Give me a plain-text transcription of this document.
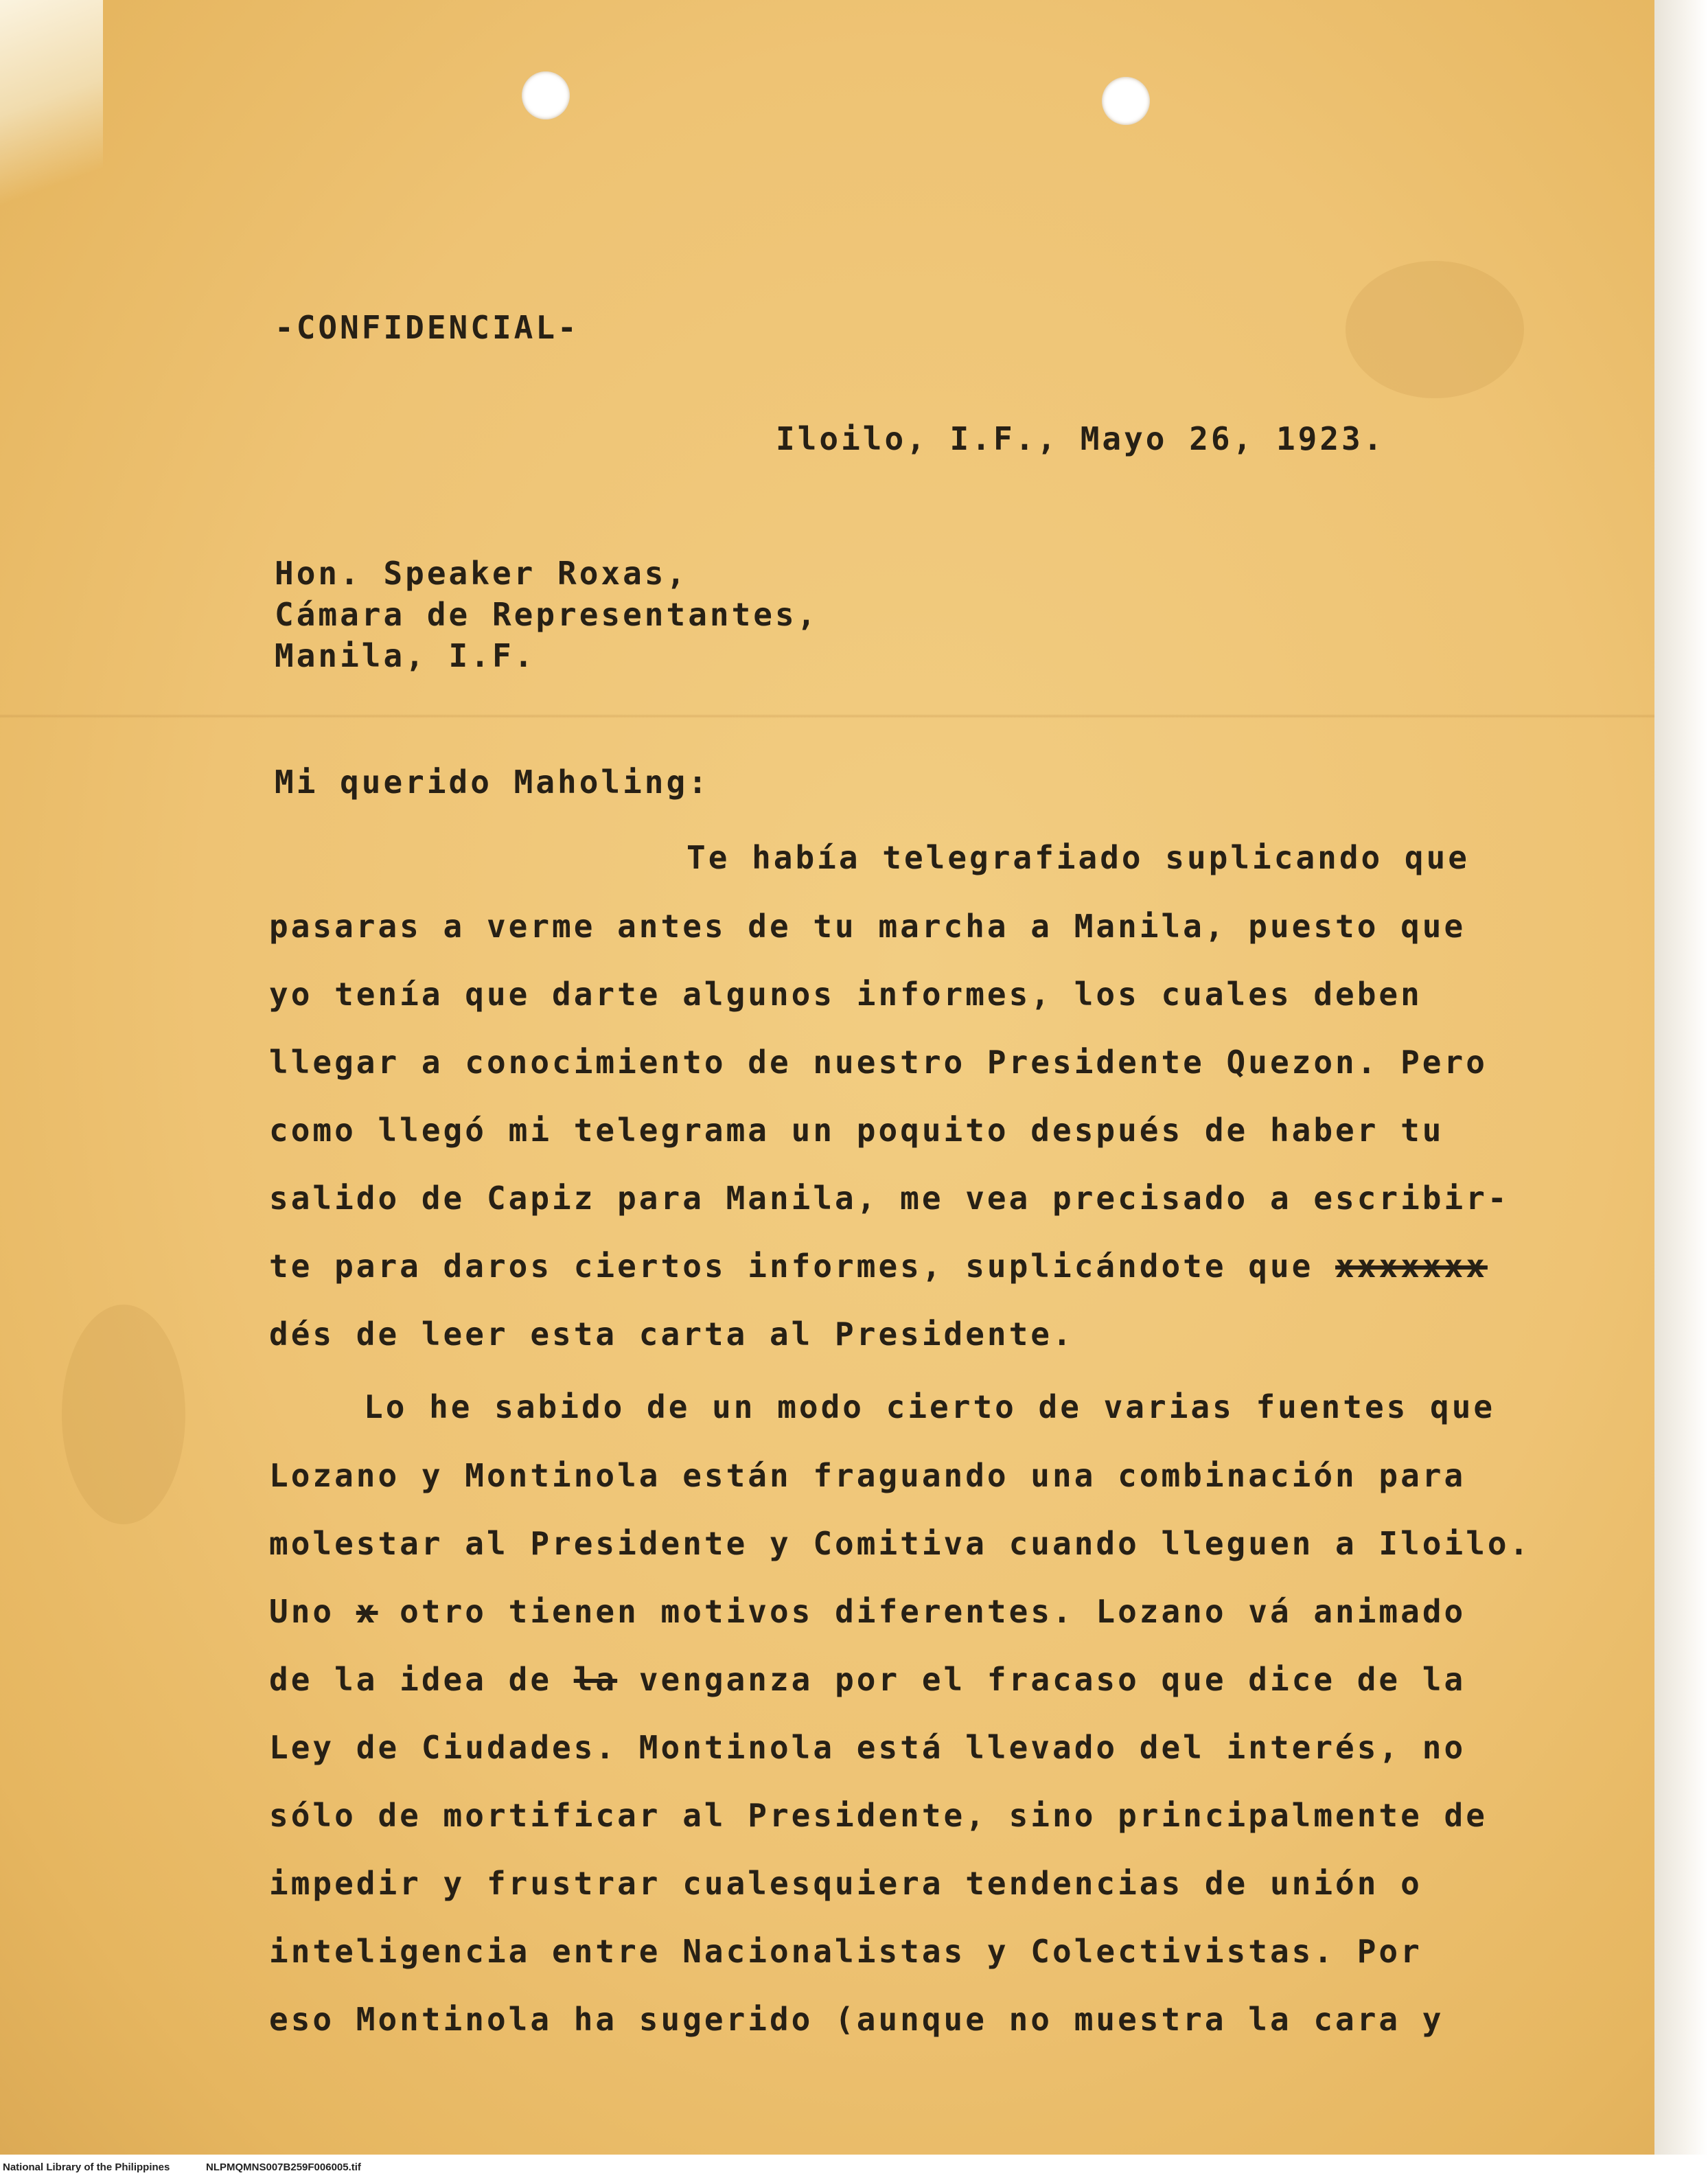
-CONFIDENCIAL-

Iloilo, I.F., Mayo 26, 1923.

Hon. Speaker Roxas,

Cámara de Representantes,

Manila, I.F.

Mi querido Maholing:

Te había telegrafiado suplicando que

pasaras a verme antes de tu marcha a Manila, puesto que

yo tenía que darte algunos informes, los cuales deben

llegar a conocimiento de nuestro Presidente Quezon. Pero

como llegó mi telegrama un poquito después de haber tu

salido de Capiz para Manila, me vea precisado a escribir-

te para daros ciertos informes, suplicándote que xxxxxxx

dés de leer esta carta al Presidente.

Lo he sabido de un modo cierto de varias fuentes que

Lozano y Montinola están fraguando una combinación para

molestar al Presidente y Comitiva cuando lleguen a Iloilo.

Uno x otro tienen motivos diferentes. Lozano vá animado

de la idea de la venganza por el fracaso que dice de la

Ley de Ciudades. Montinola está llevado del interés, no

sólo de mortificar al Presidente, sino principalmente de

impedir y frustrar cualesquiera tendencias de unión o

inteligencia entre Nacionalistas y Colectivistas. Por

eso Montinola ha sugerido (aunque no muestra la cara y

National Library of the Philippines	NLPMQMNS007B259F006005.tif
